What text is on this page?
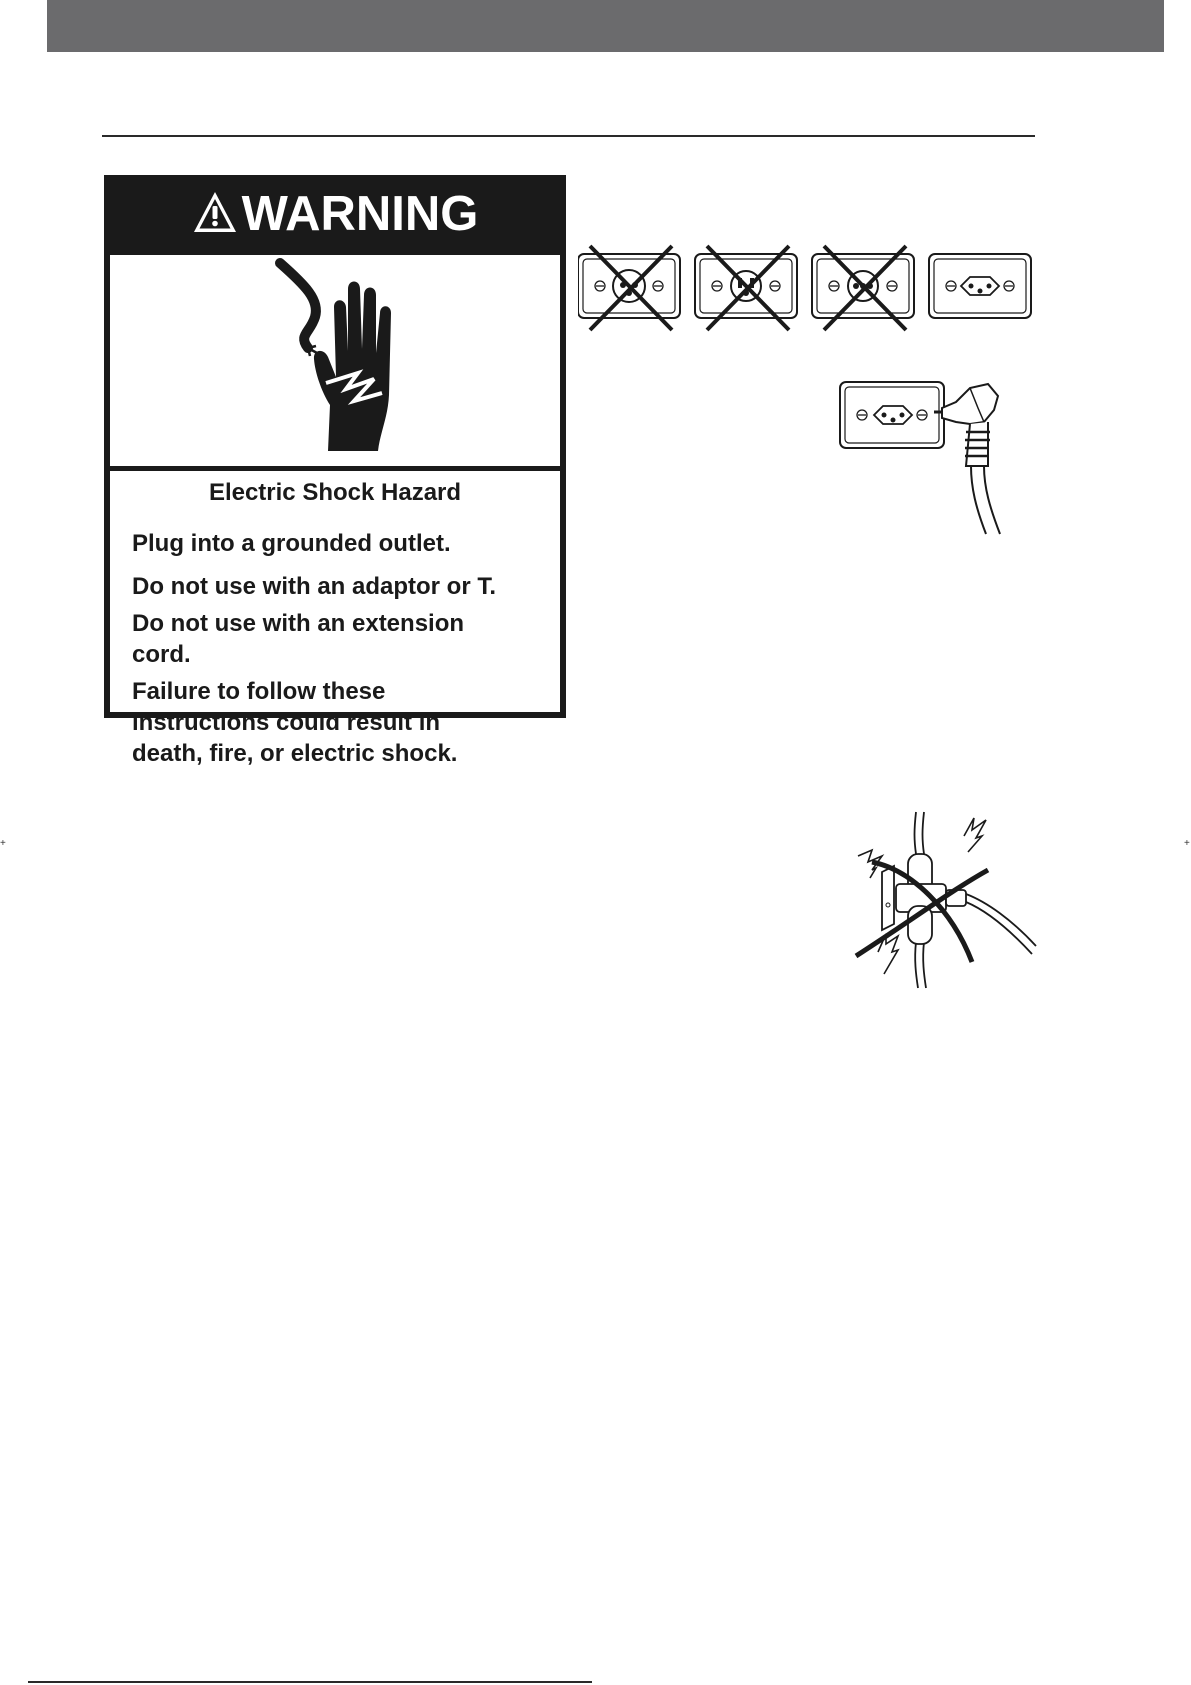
WARNING
Electric Shock Hazard
Plug into a grounded outlet.
Do not use with an adaptor or T.
Do not use with an extension cord.
Failure to follow these instructions could result in death, fire, or electric shock.
+	+
